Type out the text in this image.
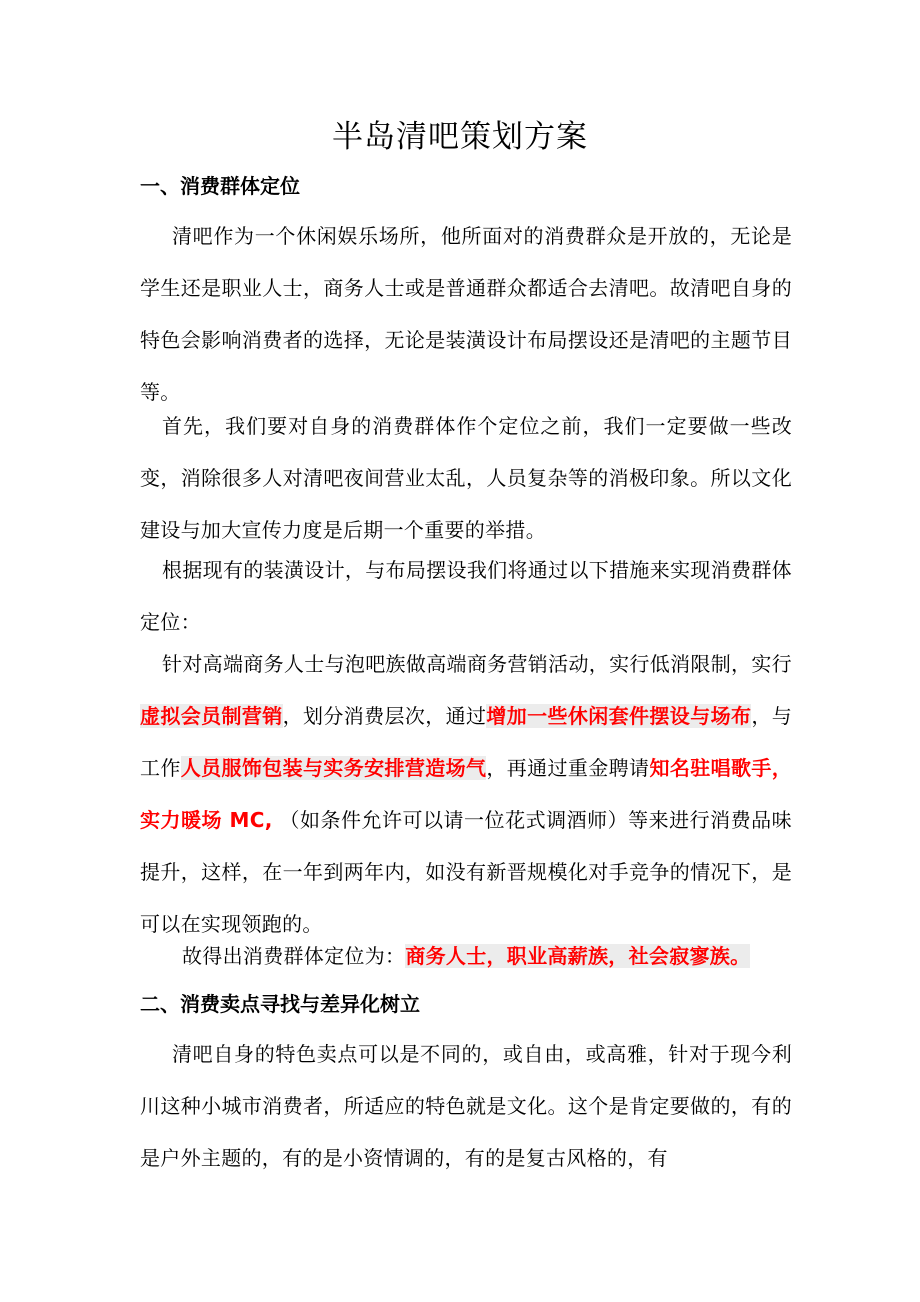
半岛清吧策划方案
一、消费群体定位

清吧作为一个休闲娱乐场所，他所面对的消费群众是开放的，无论是学生还是职业人士，商务人士或是普通群众都适合去清吧。故清吧自身的特色会影响消费者的选择，无论是装潢设计布局摆设还是清吧的主题节目等。

首先，我们要对自身的消费群体作个定位之前，我们一定要做一些改变，消除很多人对清吧夜间营业太乱，人员复杂等的消极印象。所以文化建设与加大宣传力度是后期一个重要的举措。

根据现有的装潢设计，与布局摆设我们将通过以下措施来实现消费群体定位：

针对高端商务人士与泡吧族做高端商务营销活动，实行低消限制，实行虚拟会员制营销，划分消费层次，通过增加一些休闲套件摆设与场布，与工作人员服饰包装与实务安排营造场气，再通过重金聘请知名驻唱歌手，实力暖场 MC, （如条件允许可以请一位花式调酒师）等来进行消费品味提升，这样，在一年到两年内，如没有新晋规模化对手竞争的情况下，是可以在实现领跑的。

故得出消费群体定位为：商务人士，职业高薪族，社会寂寥族。

二、消费卖点寻找与差异化树立

清吧自身的特色卖点可以是不同的，或自由，或高雅，针对于现今利川这种小城市消费者，所适应的特色就是文化。这个是肯定要做的，有的是户外主题的，有的是小资情调的，有的是复古风格的，有
